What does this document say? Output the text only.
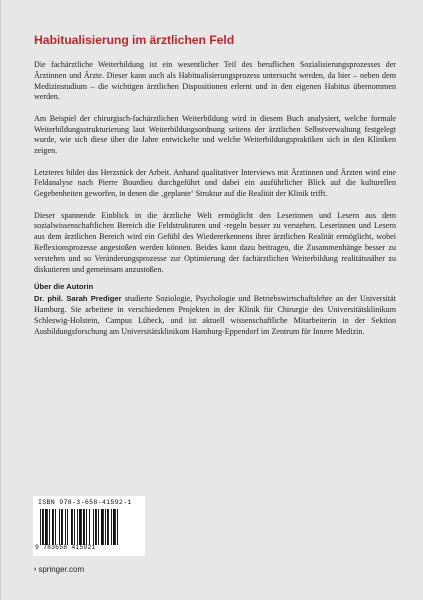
Habitualisierung im ärztlichen Feld

Die fachärztliche Weiterbildung ist ein wesentlicher Teil des beruflichen Sozialisierungsprozesses der Ärztinnen und Ärzte. Dieser kann auch als Habitualisierungsprozess untersucht werden, da hier – neben dem Medizinstudium – die wichtigen ärztlichen Dispositionen erlernt und in den eigenen Habitus übernommen werden.

Am Beispiel der chirurgisch-fachärztlichen Weiterbildung wird in diesem Buch analysiert, welche formale Weiterbildungsstrukturierung laut Weiterbildungsordnung seitens der ärztlichen Selbstverwaltung festgelegt wurde, wie sich diese über die Jahre entwickelte und welche Weiterbildungspraktiken sich in den Kliniken zeigen.

Letzteres bildet das Herzstück der Arbeit. Anhand qualitativer Interviews mit Ärztinnen und Ärzten wird eine Feldanalyse nach Pierre Bourdieu durchgeführt und dabei ein ausführlicher Blick auf die kulturellen Gegebenheiten geworfen, in denen die ‚geplante‘ Struktur auf die Realität der Klinik trifft.

Dieser spannende Einblick in die ärztliche Welt ermöglicht den Leserinnen und Lesern aus dem sozialwissenschaftlichen Bereich die Feldstrukturen und -regeln besser zu verstehen. Leserinnen und Lesern aus dem ärztlichen Bereich wird ein Gefühl des Wiedererkennens ihrer ärztlichen Realität ermöglicht, wobei Reflexionsprozesse angestoßen werden können. Beides kann dazu beitragen, die Zusammenhänge besser zu verstehen und so Veränderungsprozesse zur Optimierung der fachärztlichen Weiterbildung realitätsnäher zu diskutieren und gemeinsam anzustoßen.

Über die Autorin

Dr. phil. Sarah Prediger studierte Soziologie, Psychologie und Betriebswirtschaftslehre an der Universität Hamburg. Sie arbeitete in verschiedenen Projekten in der Klinik für Chirurgie des Universitätsklinikum Schleswig-Holstein, Campus Lübeck, und ist aktuell wissenschaftliche Mitarbeiterin in der Sektion Ausbildungsforschung am Universitätsklinikum Hamburg-Eppendorf im Zentrum für Innere Medizin.

ISBN 978-3-658-41592-1
9 783658 415921
› springer.com
